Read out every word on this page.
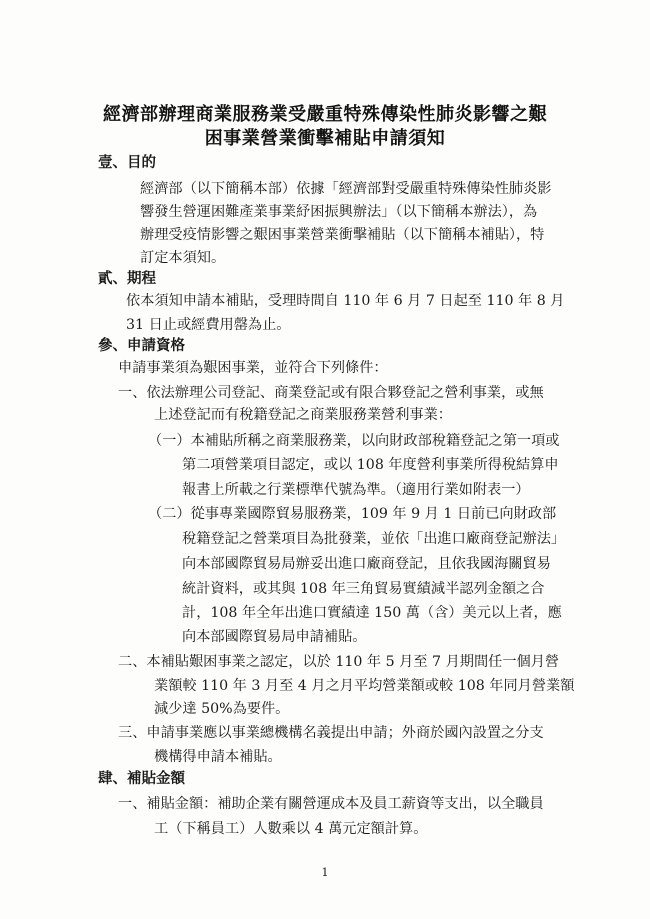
經濟部辦理商業服務業受嚴重特殊傳染性肺炎影響之艱
困事業營業衝擊補貼申請須知
壹、目的
經濟部（以下簡稱本部）依據「經濟部對受嚴重特殊傳染性肺炎影
響發生營運困難產業事業紓困振興辦法」（以下簡稱本辦法），為
辦理受疫情影響之艱困事業營業衝擊補貼（以下簡稱本補貼），特
訂定本須知。
貳、期程
依本須知申請本補貼，受理時間自 110 年 6 月 7 日起至 110 年 8 月
31 日止或經費用罄為止。
參、申請資格
申請事業須為艱困事業，並符合下列條件：
一、依法辦理公司登記、商業登記或有限合夥登記之營利事業，或無
上述登記而有稅籍登記之商業服務業營利事業：
（一）本補貼所稱之商業服務業，以向財政部稅籍登記之第一項或
第二項營業項目認定，或以 108 年度營利事業所得稅結算申
報書上所載之行業標準代號為準。（適用行業如附表一）
（二）從事專業國際貿易服務業，109 年 9 月 1 日前已向財政部
稅籍登記之營業項目為批發業，並依「出進口廠商登記辦法」
向本部國際貿易局辦妥出進口廠商登記，且依我國海關貿易
統計資料，或其與 108 年三角貿易實績減半認列金額之合
計，108 年全年出進口實績達 150 萬（含）美元以上者，應
向本部國際貿易局申請補貼。
二、本補貼艱困事業之認定，以於 110 年 5 月至 7 月期間任一個月營
業額較 110 年 3 月至 4 月之月平均營業額或較 108 年同月營業額
減少達 50%為要件。
三、申請事業應以事業總機構名義提出申請；外商於國內設置之分支
機構得申請本補貼。
肆、補貼金額
一、補貼金額：補助企業有關營運成本及員工薪資等支出，以全職員
工（下稱員工）人數乘以 4 萬元定額計算。
1
